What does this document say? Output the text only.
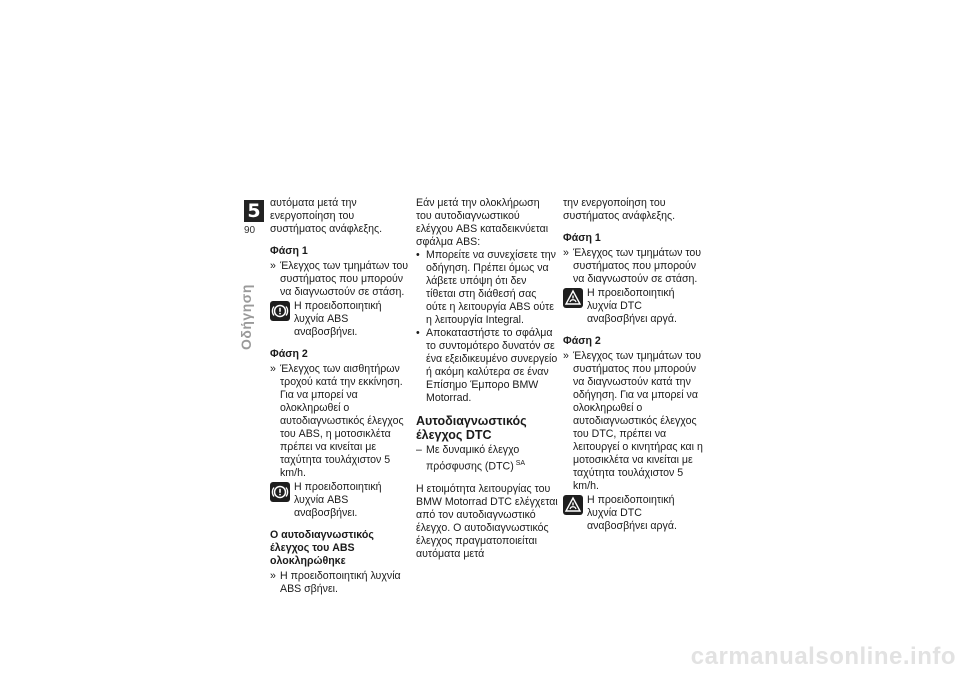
5
90
Οδήγηση

αυτόματα μετά την ενεργοποίηση του συστήματος ανάφλεξης.

Φάση 1

» Έλεγχος των τμημάτων του συστήματος που μπορούν να διαγνωστούν σε στάση.

Η προειδοποιητική λυχνία ABS αναβοσβήνει.
Φάση 2

» Έλεγχος των αισθητήρων τροχού κατά την εκκίνηση. Για να μπορεί να ολοκληρωθεί ο αυτοδιαγνωστικός έλεγχος του ABS, η μοτοσικλέτα πρέπει να κινείται με ταχύτητα τουλάχιστον 5 km/h.

Η προειδοποιητική λυχνία ABS αναβοσβήνει.
Ο αυτοδιαγνωστικός έλεγχος του ABS ολοκληρώθηκε

» Η προειδοποιητική λυχνία ABS σβήνει.

Εάν μετά την ολοκλήρωση του αυτοδιαγνωστικού ελέγχου ABS καταδεικνύεται σφάλμα ABS:

• Μπορείτε να συνεχίσετε την οδήγηση. Πρέπει όμως να λάβετε υπόψη ότι δεν τίθεται στη διάθεσή σας ούτε η λειτουργία ABS ούτε η λειτουργία Integral.

• Αποκαταστήστε το σφάλμα το συντομότερο δυνατόν σε ένα εξειδικευμένο συνεργείο ή ακόμη καλύτερα σε έναν Επίσημο Έμπορο BMW Motorrad.

Αυτοδιαγνωστικός έλεγχος DTC

– Με δυναμικό έλεγχο πρόσφυσης (DTC) $^{SA}$

Η ετοιμότητα λειτουργίας του BMW Motorrad DTC ελέγχεται από τον αυτοδιαγνωστικό έλεγχο. Ο αυτοδιαγνωστικός έλεγχος πραγματοποιείται αυτόματα μετά

την ενεργοποίηση του συστήματος ανάφλεξης.

Φάση 1

» Έλεγχος των τμημάτων του συστήματος που μπορούν να διαγνωστούν σε στάση.

Η προειδοποιητική λυχνία DTC αναβοσβήνει αργά.
Φάση 2

» Έλεγχος των τμημάτων του συστήματος που μπορούν να διαγνωστούν κατά την οδήγηση. Για να μπορεί να ολοκληρωθεί ο αυτοδιαγνωστικός έλεγχος του DTC, πρέπει να λειτουργεί ο κινητήρας και η μοτοσικλέτα να κινείται με ταχύτητα τουλάχιστον 5 km/h.

Η προειδοποιητική λυχνία DTC αναβοσβήνει αργά.
carmanualsonline.info
